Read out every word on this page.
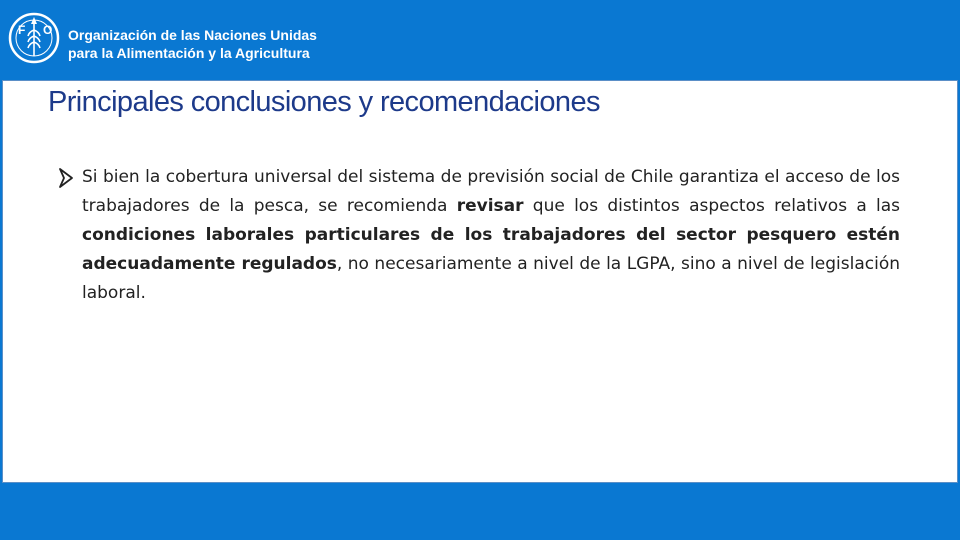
F O Organización de las Naciones Unidas
para la Alimentación y la Agricultura
Principales conclusiones y recomendaciones
Si bien la cobertura universal del sistema de previsión social de Chile garantiza el acceso de los trabajadores de la pesca, se recomienda revisar que los distintos aspectos relativos a las condiciones laborales particulares de los trabajadores del sector pesquero estén adecuadamente regulados, no necesariamente a nivel de la LGPA, sino a nivel de legislación laboral.
